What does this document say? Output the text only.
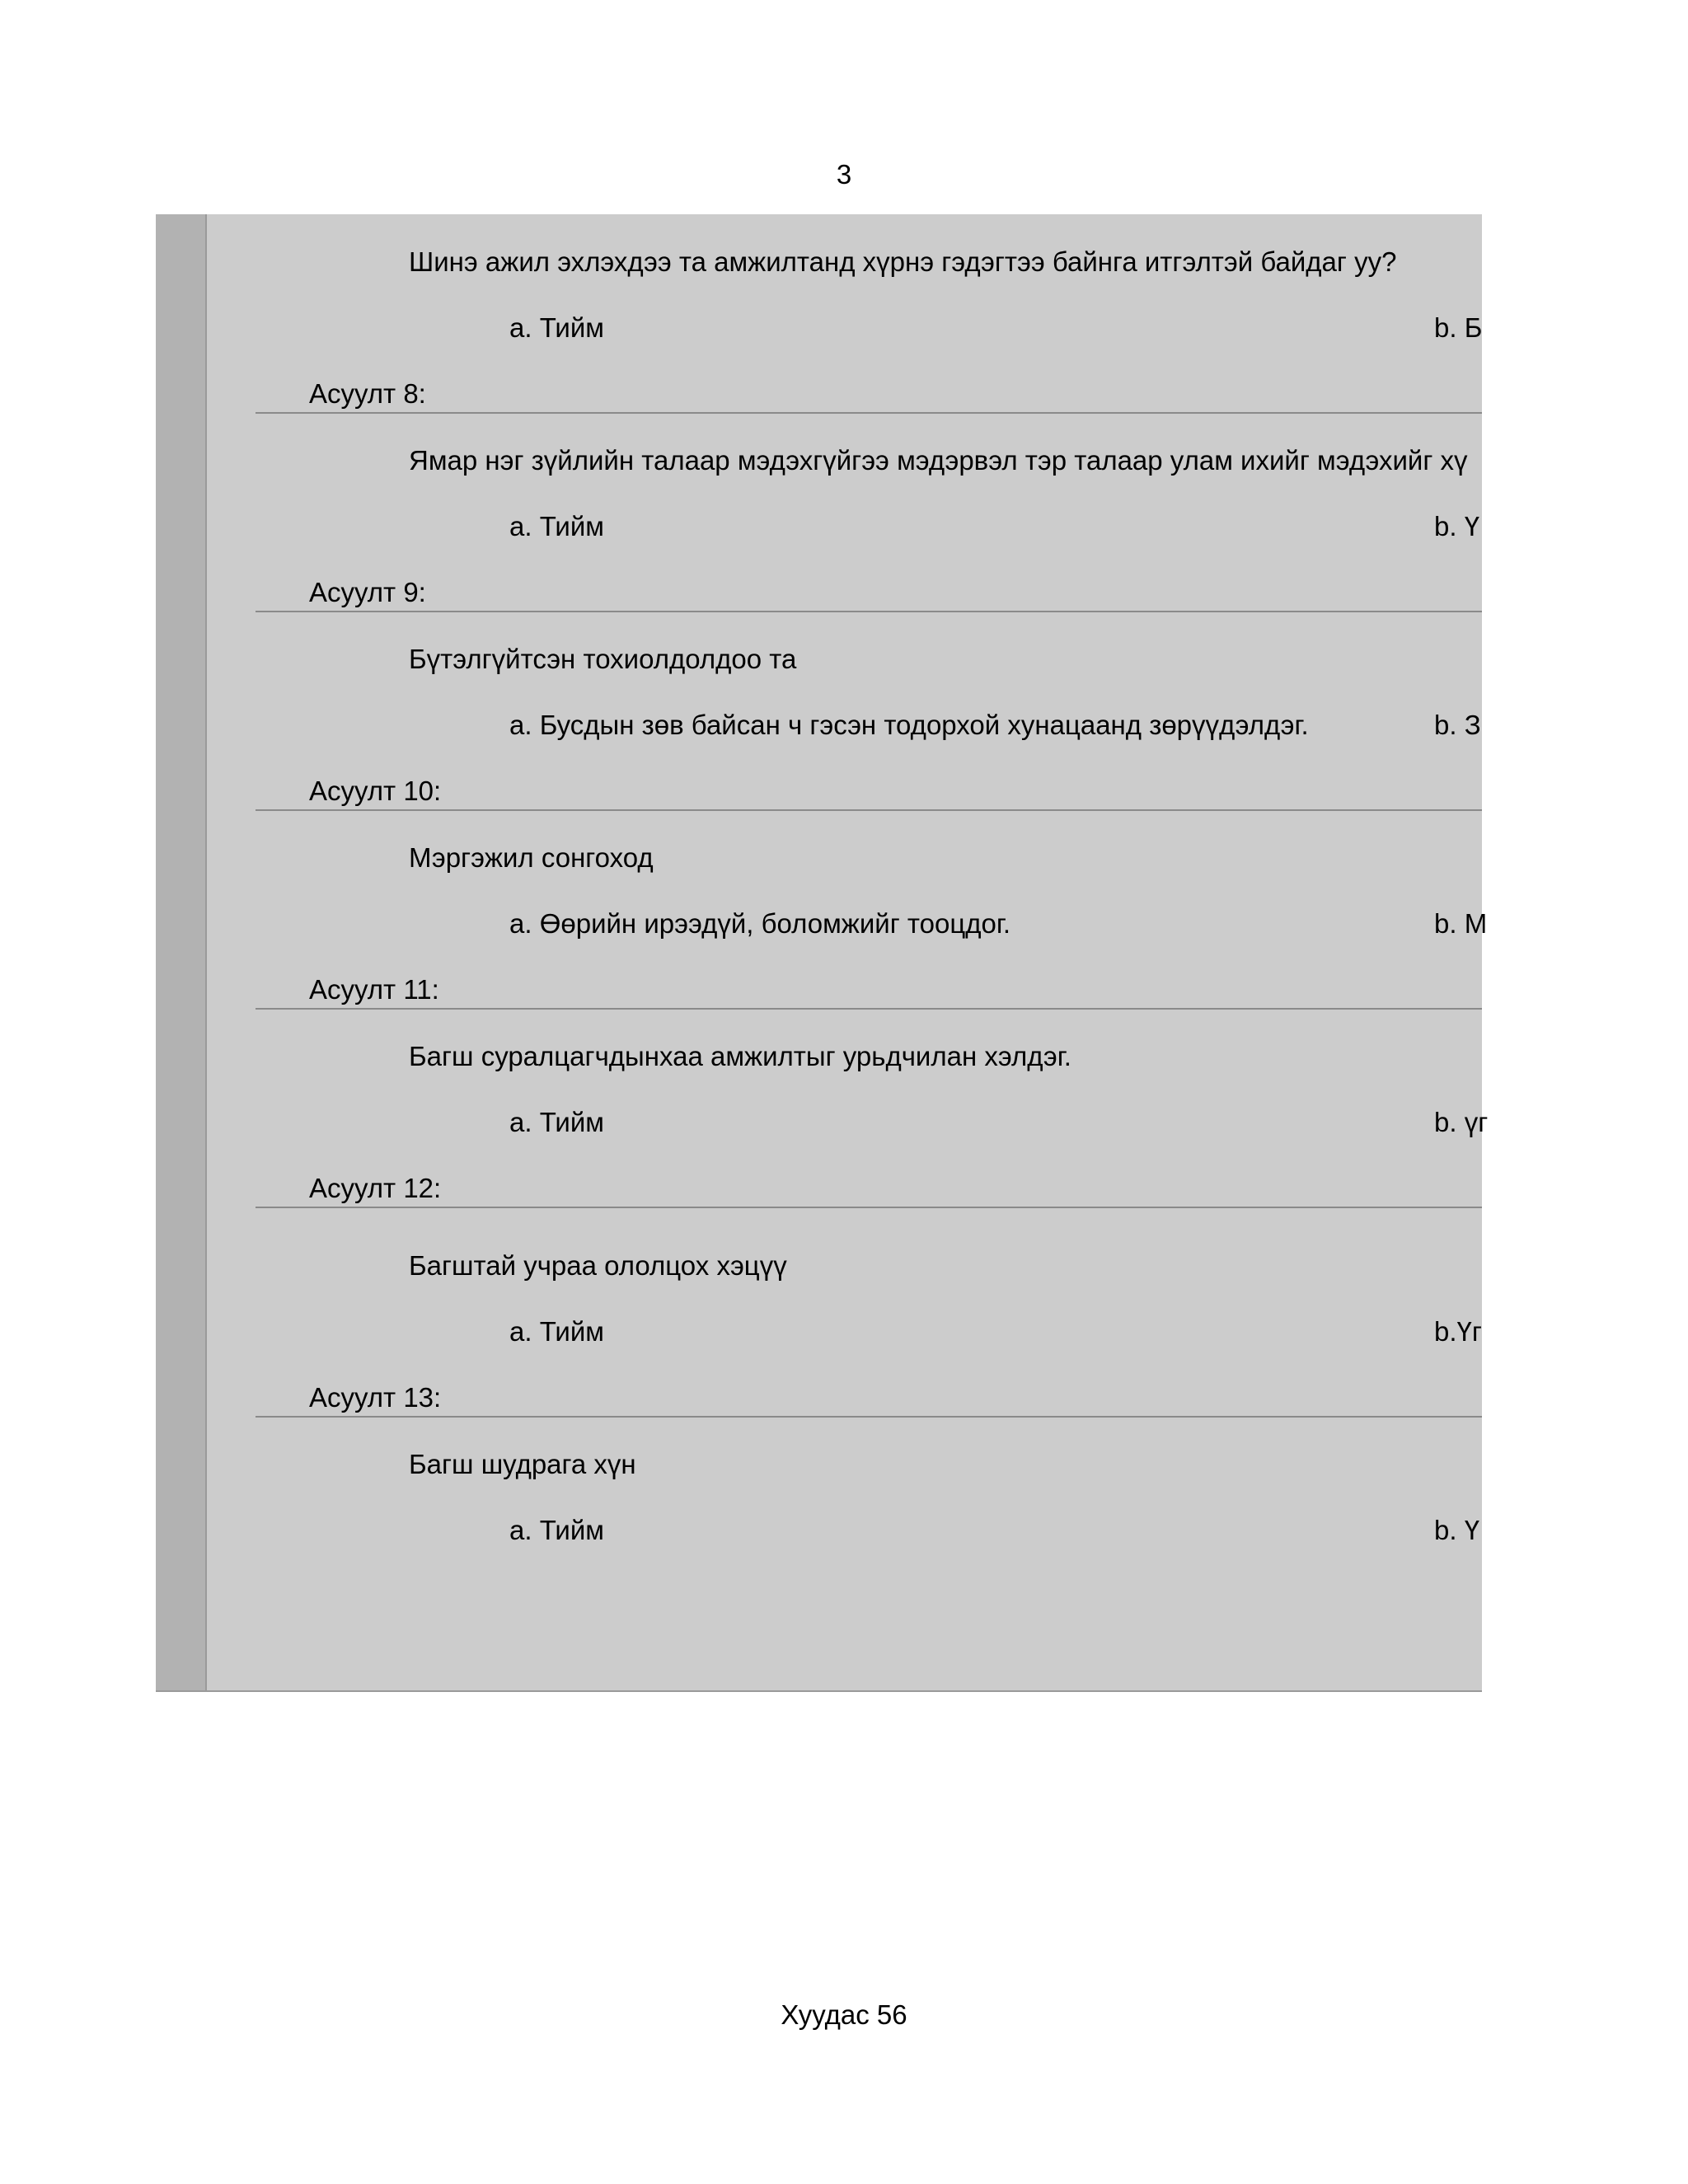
3
Шинэ ажил эхлэхдээ та амжилтанд хүрнэ гэдэгтээ байнга итгэлтэй байдаг уу?
a. Тийм	b. Б
Асуулт 8:
Ямар нэг зүйлийн талаар мэдэхгүйгээ мэдэрвэл тэр талаар улам ихийг мэдэхийг хү
a. Тийм	b. Ү
Асуулт 9:
Бүтэлгүйтсэн тохиолдолдоо та
a. Бусдын зөв байсан ч гэсэн тодорхой хунацаанд зөрүүдэлдэг.	b. З
Асуулт 10:
Мэргэжил сонгоход
a. Өөрийн ирээдүй, боломжийг тооцдог.	b. М
Асуулт 11:
Багш суралцагчдынхаа амжилтыг урьдчилан хэлдэг.
a. Тийм	b. үг
Асуулт 12:
Багштай учраа ололцох хэцүү
a. Тийм	b.Үг
Асуулт 13:
Багш шудрага хүн
a. Тийм	b. Ү
Хуудас 56
